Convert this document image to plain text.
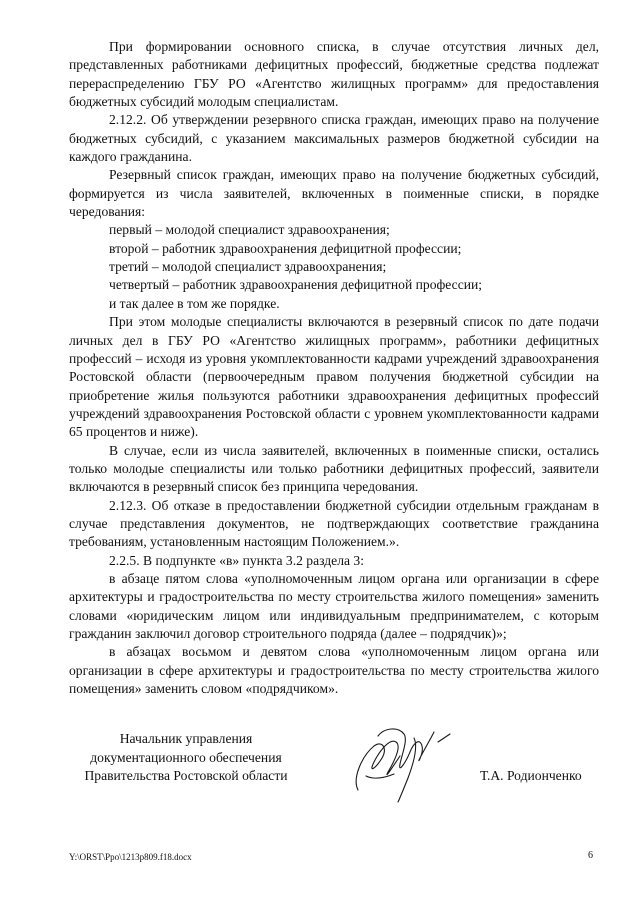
При формировании основного списка, в случае отсутствия личных дел, представленных работниками дефицитных профессий, бюджетные средства подлежат перераспределению ГБУ РО «Агентство жилищных программ» для предоставления бюджетных субсидий молодым специалистам.

2.12.2. Об утверждении резервного списка граждан, имеющих право на получение бюджетных субсидий, с указанием максимальных размеров бюджетной субсидии на каждого гражданина.

Резервный список граждан, имеющих право на получение бюджетных субсидий, формируется из числа заявителей, включенных в поименные списки, в порядке чередования:

первый – молодой специалист здравоохранения;

второй – работник здравоохранения дефицитной профессии;

третий – молодой специалист здравоохранения;

четвертый – работник здравоохранения дефицитной профессии;

и так далее в том же порядке.

При этом молодые специалисты включаются в резервный список по дате подачи личных дел в ГБУ РО «Агентство жилищных программ», работники дефицитных профессий – исходя из уровня укомплектованности кадрами учреждений здравоохранения Ростовской области (первоочередным правом получения бюджетной субсидии на приобретение жилья пользуются работники здравоохранения дефицитных профессий учреждений здравоохранения Ростовской области с уровнем укомплектованности кадрами 65 процентов и ниже).

В случае, если из числа заявителей, включенных в поименные списки, остались только молодые специалисты или только работники дефицитных профессий, заявители включаются в резервный список без принципа чередования.

2.12.3. Об отказе в предоставлении бюджетной субсидии отдельным гражданам в случае представления документов, не подтверждающих соответствие гражданина требованиям, установленным настоящим Положением.».

2.2.5. В подпункте «в» пункта 3.2 раздела 3:

в абзаце пятом слова «уполномоченным лицом органа или организации в сфере архитектуры и градостроительства по месту строительства жилого помещения» заменить словами «юридическим лицом или индивидуальным предпринимателем, с которым гражданин заключил договор строительного подряда (далее – подрядчик)»;

в абзацах восьмом и девятом слова «уполномоченным лицом органа или организации в сфере архитектуры и градостроительства по месту строительства жилого помещения» заменить словом «подрядчиком».

Начальник управления
документационного обеспечения
Правительства Ростовской области	Т.А. Родионченко
Y:\ORST\Ppo\1213p809.f18.docx	6
